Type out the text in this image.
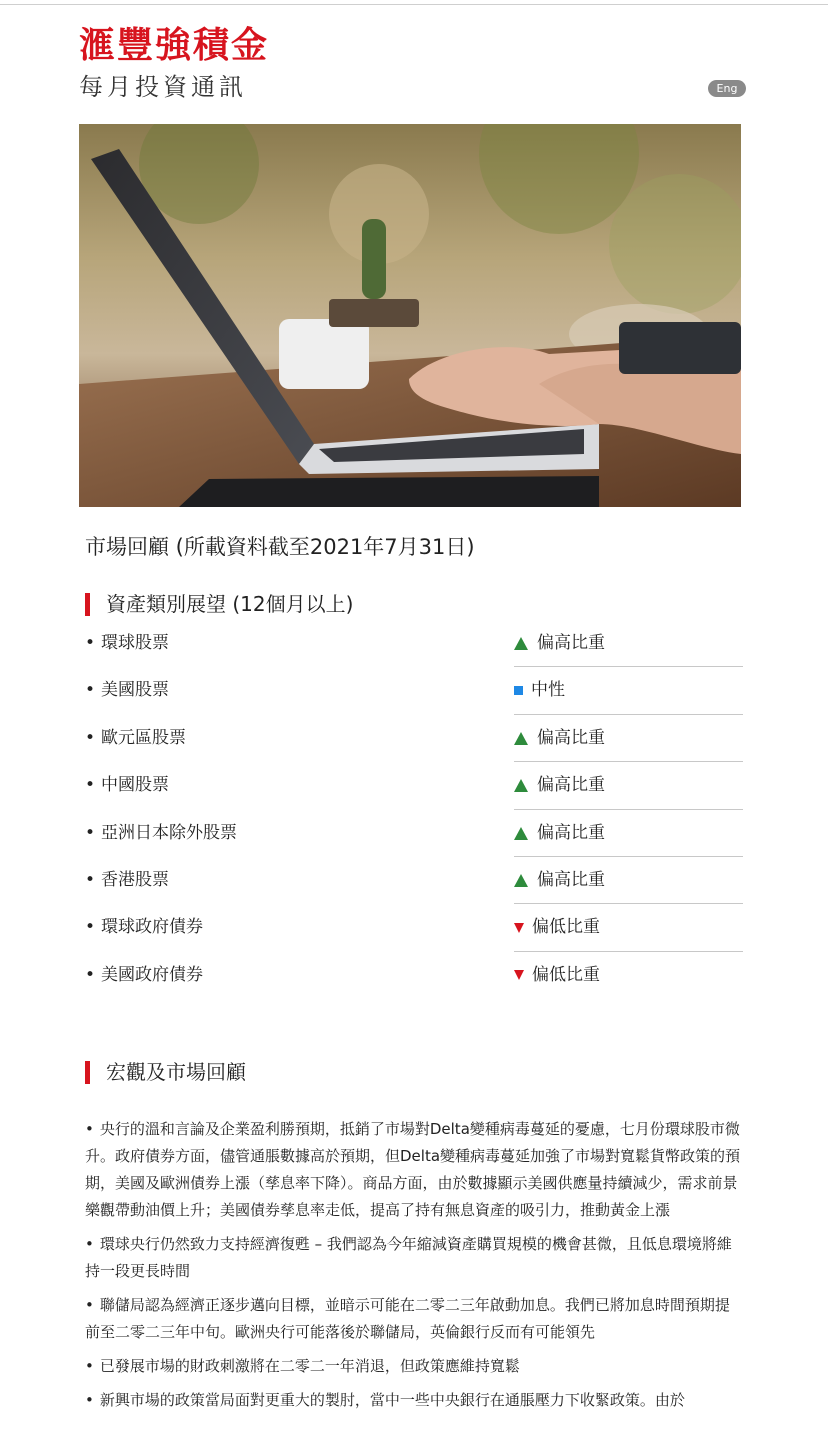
滙豐強積金
每月投資通訊	Eng
市場回顧 (所載資料截至2021年7月31日)
資產類別展望 (12個月以上)
• 環球股票	偏高比重
• 美國股票	中性
• 歐元區股票	偏高比重
• 中國股票	偏高比重
• 亞洲日本除外股票	偏高比重
• 香港股票	偏高比重
• 環球政府債券	偏低比重
• 美國政府債券	偏低比重
宏觀及市場回顧

• 央行的溫和言論及企業盈利勝預期，抵銷了市場對Delta變種病毒蔓延的憂慮，七月份環球股市微升。政府債券方面，儘管通脹數據高於預期，但Delta變種病毒蔓延加強了市場對寬鬆貨幣政策的預期，美國及歐洲債券上漲（孳息率下降）。商品方面，由於數據顯示美國供應量持續減少，需求前景樂觀帶動油價上升；美國債券孳息率走低，提高了持有無息資產的吸引力，推動黃金上漲

• 環球央行仍然致力支持經濟復甦 – 我們認為今年縮減資產購買規模的機會甚微，且低息環境將維持一段更長時間

• 聯儲局認為經濟正逐步邁向目標，並暗示可能在二零二三年啟動加息。我們已將加息時間預期提前至二零二三年中旬。歐洲央行可能落後於聯儲局，英倫銀行反而有可能領先

• 已發展市場的財政刺激將在二零二一年消退，但政策應維持寬鬆

• 新興市場的政策當局面對更重大的製肘，當中一些中央銀行在通脹壓力下收緊政策。由於
